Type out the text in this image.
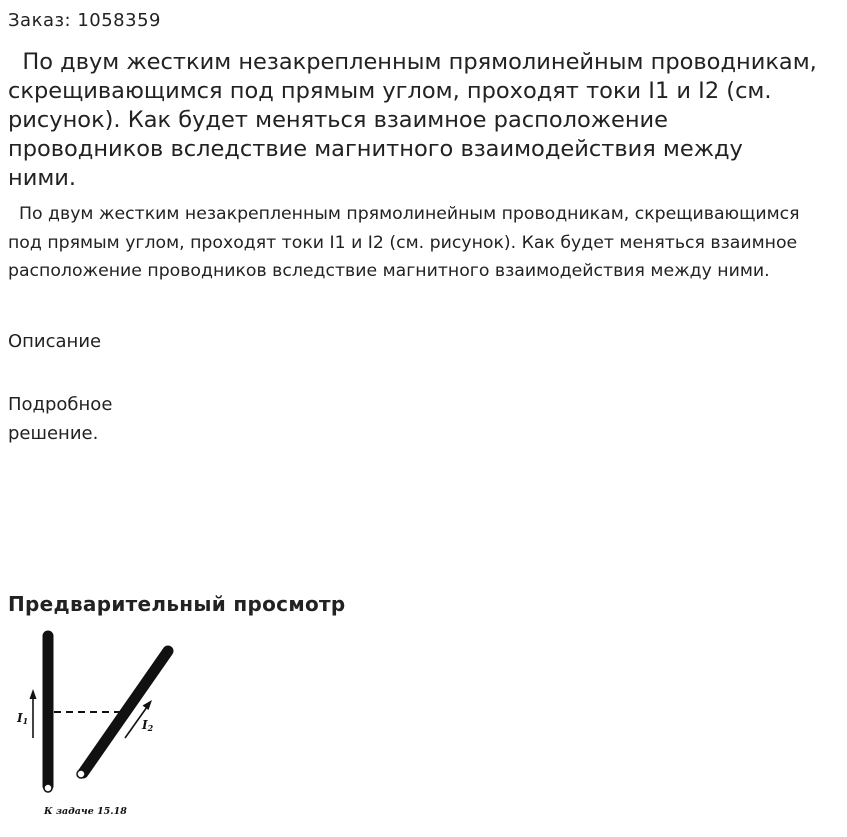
Заказ: 1058359
По двум жестким незакрепленным прямолинейным проводникам, скрещивающимся под прямым углом, проходят токи I1 и I2 (см. рисунок). Как будет меняться взаимное расположение проводников вследствие магнитного взаимодействия между ними.

По двум жестким незакрепленным прямолинейным проводникам, скрещивающимся под прямым углом, проходят токи I1 и I2 (см. рисунок). Как будет меняться взаимное расположение проводников вследствие магнитного взаимодействия между ними.

Описание

Подробное решение.

Предварительный просмотр
I1	I2
К задаче 15.18
